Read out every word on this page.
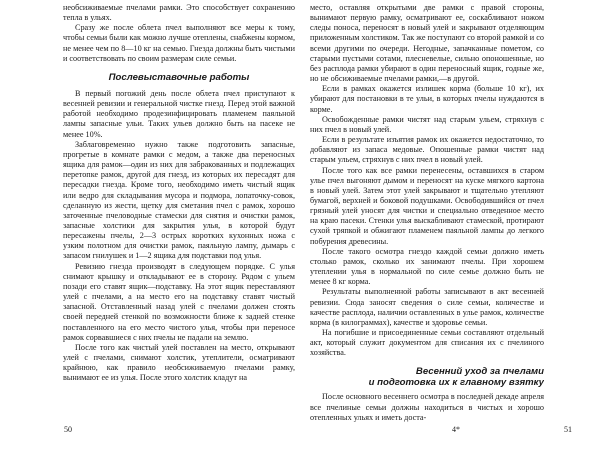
необсиживаемые пчелами рамки. Это способствует сохранению тепла в ульях.

Сразу же после облета пчел выполняют все меры к тому, чтобы семьи были как можно лучше отеплены, снабжены кормом, не менее чем по 8—10 кг на семью. Гнезда должны быть чистыми и соответствовать по своим размерам силе семьи.

Послевыставочные работы

В первый погожий день после облета пчел приступают к весенней ревизии и генеральной чистке гнезд. Перед этой важной работой необходимо продезинфицировать пламенем паяльной лампы запасные ульи. Таких ульев должно быть на пасеке не менее 10%.

Заблаговременно нужно также подготовить запасные, прогретые в комнате рамки с медом, а также два переносных ящика для рамок—один из них для забракованных и подлежащих перетопке рамок, другой для гнезд, из которых их пересадят для пересадки гнезда. Кроме того, необходимо иметь чистый ящик или ведро для складывания мусора и подмора, лопаточку-совок, сделанную из жести, щетку для сметания пчел с рамок, хорошо заточенные пчеловодные стамески для снятия и очистки рамок, запасные холстики для закрытия улья, в которой будут пересажены пчелы, 2—3 острых коротких кухонных ножа с узким полотном для очистки рамок, паяльную лампу, дымарь с запасом гнилушек и 1—2 ящика для подставки под улья.

Ревизию гнезда производят в следующем порядке. С улья снимают крышку и откладывают ее в сторону. Рядом с ульем позади его ставят ящик—подставку. На этот ящик переставляют улей с пчелами, а на место его на подставку ставят чистый запасной. Отставленный назад улей с пчелами должен стоять своей передней стенкой по возможности ближе к задней стенке поставленного на его место чистого улья, чтобы при переносе рамок сорвавшиеся с них пчелы не падали на землю.

После того как чистый улей поставлен на место, открывают улей с пчелами, снимают холстик, утеплители, осматривают крайнюю, как правило необсиживаемую пчелами рамку, вынимают ее из улья. После этого холстик кладут на

50

место, оставляя открытыми две рамки с правой стороны, вынимают первую рамку, осматривают ее, соскабливают ножом следы поноса, переносят в новый улей и закрывают отделяющим приложенным холстиком. Так же поступают со второй рамкой и со всеми другими по очереди. Негодные, запачканные пометом, со старыми пустыми сотами, плесневелые, сильно опоношенные, но без расплода рамки убирают в один переносный ящик, годные же, но не обсиживаемые пчелами рамки,—в другой.

Если в рамках окажется излишек корма (больше 10 кг), их убирают для постановки в те ульи, в которых пчелы нуждаются в корме.

Освобожденные рамки чистят над старым ульем, стряхнув с них пчел в новый улей.

Если в результате изъятия рамок их окажется недостаточно, то добавляют из запаса медовые. Опошенные рамки чистят над старым ульем, стряхнув с них пчел в новый улей.

После того как все рамки перенесены, оставшихся в старом улье пчел выгоняют дымом и переносят на куске мягкого картона в новый улей. Затем этот улей закрывают и тщательно утепляют бумагой, верхней и боковой подушками. Освободившийся от пчел грязный улей уносят для чистки и специально отведенное место на краю пасеки. Стенки улья выскабливают стамеской, протирают сухой тряпкой и обжигают пламенем паяльной лампы до легкого побурения древесины.

После такого осмотра гнездо каждой семьи должно иметь столько рамок, сколько их занимают пчелы. При хорошем утеплении улья в нормальной по силе семье должно быть не менее 8 кг корма.

Результаты выполненной работы записывают в акт весенней ревизии. Сюда заносят сведения о силе семьи, количестве и качестве расплода, наличии оставленных в улье рамок, количестве корма (в килограммах), качестве и здоровье семьи.

На погибшие и присоединенные семьи составляют отдельный акт, который служит документом для списания их с пчелиного хозяйства.

Весенний уход за пчелами
и подготовка их к главному взятку

После основного весеннего осмотра в последней декаде апреля все пчелиные семьи должны находиться в чистых и хорошо отепленных ульях и иметь доста-

4*	51
